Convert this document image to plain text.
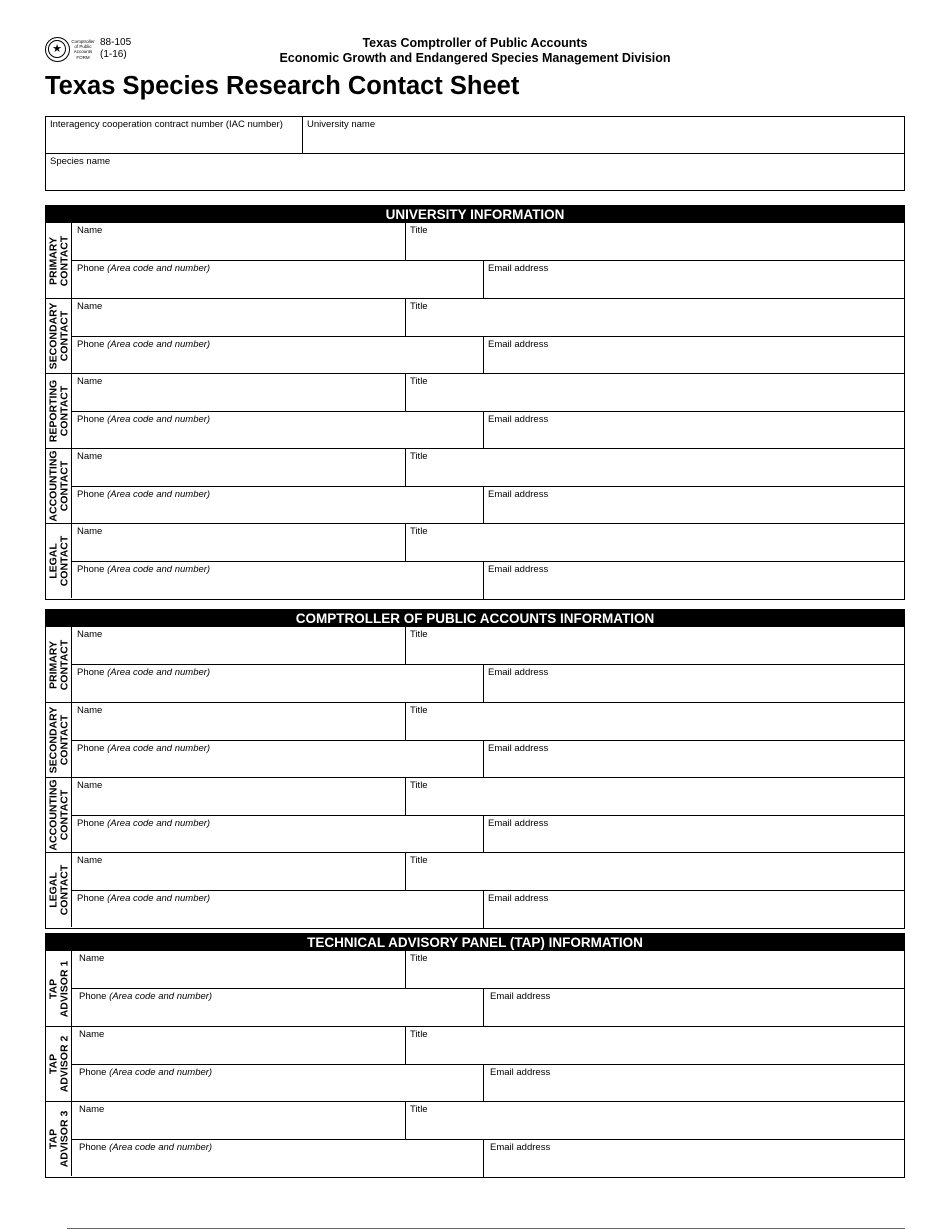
★
Comptroller
of Public
Accounts
FORM
88-105
(1-16)
Texas Comptroller of Public Accounts
Economic Growth and Endangered Species Management Division
Texas Species Research Contact Sheet
Interagency cooperation contract number (IAC number)	University name
Species name
UNIVERSITY INFORMATION
PRIMARY
CONTACT
Name	Title
Phone (Area code and number)	Email address
SECONDARY
CONTACT
Name	Title
Phone (Area code and number)	Email address
REPORTING
CONTACT
Name	Title
Phone (Area code and number)	Email address
ACCOUNTING
CONTACT
Name	Title
Phone (Area code and number)	Email address
LEGAL
CONTACT
Name	Title
Phone (Area code and number)	Email address
COMPTROLLER OF PUBLIC ACCOUNTS INFORMATION
PRIMARY
CONTACT
Name	Title
Phone (Area code and number)	Email address
SECONDARY
CONTACT
Name	Title
Phone (Area code and number)	Email address
ACCOUNTING
CONTACT
Name	Title
Phone (Area code and number)	Email address
LEGAL
CONTACT
Name	Title
Phone (Area code and number)	Email address
TECHNICAL ADVISORY PANEL (TAP) INFORMATION
TAP
ADVISOR 1
Name	Title
Phone (Area code and number)	Email address
TAP
ADVISOR 2
Name	Title
Phone (Area code and number)	Email address
TAP
ADVISOR 3
Name	Title
Phone (Area code and number)	Email address
